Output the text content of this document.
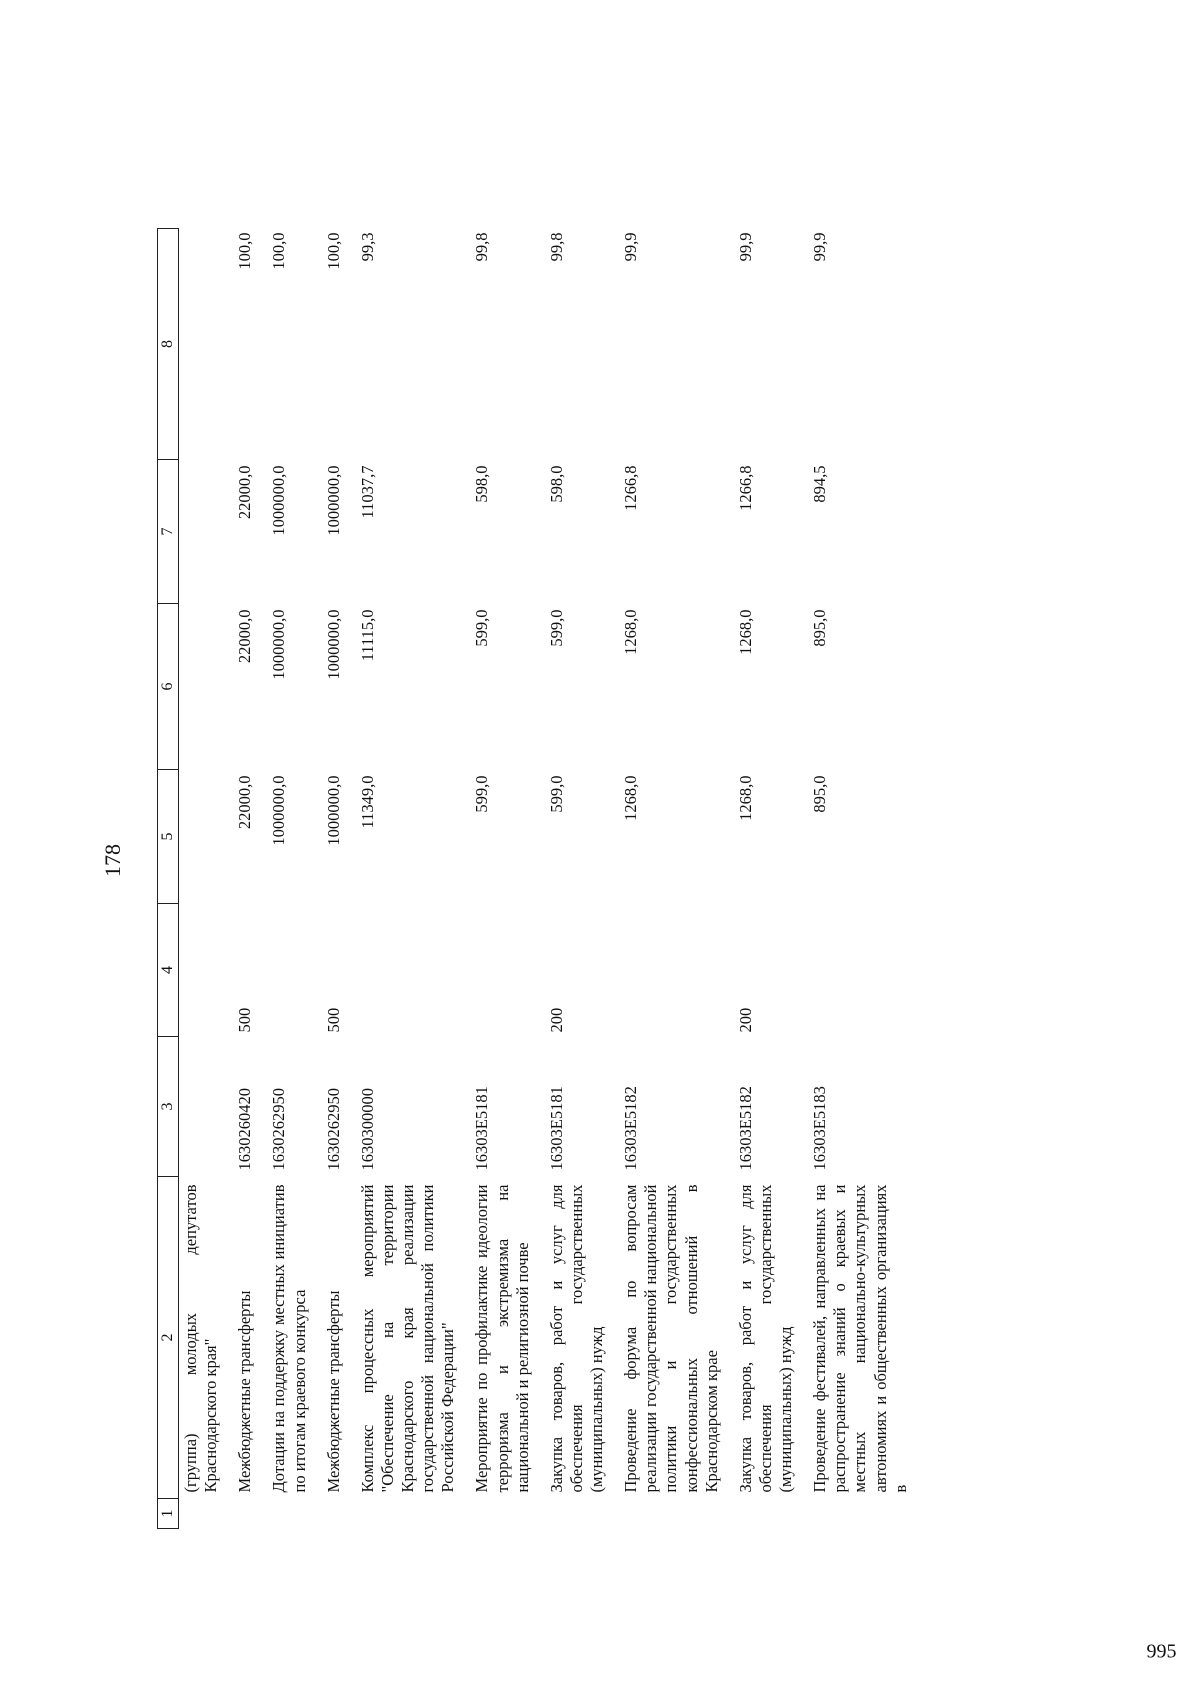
178
1	2	3	4	5	6	7	8
	(группа) молодых депутатов Краснодарского края"						
	Межбюджетные трансферты	1630260420	500	22000,0	22000,0	22000,0	100,0
	Дотации на поддержку местных инициатив по итогам краевого конкурса	1630262950		1000000,0	1000000,0	1000000,0	100,0
	Межбюджетные трансферты	1630262950	500	1000000,0	1000000,0	1000000,0	100,0
	Комплекс процессных мероприятий "Обеспечение на территории Краснодарского края реализации государственной национальной политики Российской Федерации"	1630300000		11349,0	11115,0	11037,7	99,3
	Мероприятие по профилактике идеологии терроризма и экстремизма на национальной и религиозной почве	16303Е5181		599,0	599,0	598,0	99,8
	Закупка товаров, работ и услуг для обеспечения государственных (муниципальных) нужд	16303Е5181	200	599,0	599,0	598,0	99,8
	Проведение форума по вопросам реализации государственной национальной политики и государственных конфессиональных отношений в Краснодарском крае	16303Е5182		1268,0	1268,0	1266,8	99,9
	Закупка товаров, работ и услуг для обеспечения государственных (муниципальных) нужд	16303Е5182	200	1268,0	1268,0	1266,8	99,9
	Проведение фестивалей, направленных на распространение знаний о краевых и местных национально-культурных автономиях и общественных организациях в	16303Е5183		895,0	895,0	894,5	99,9
995
